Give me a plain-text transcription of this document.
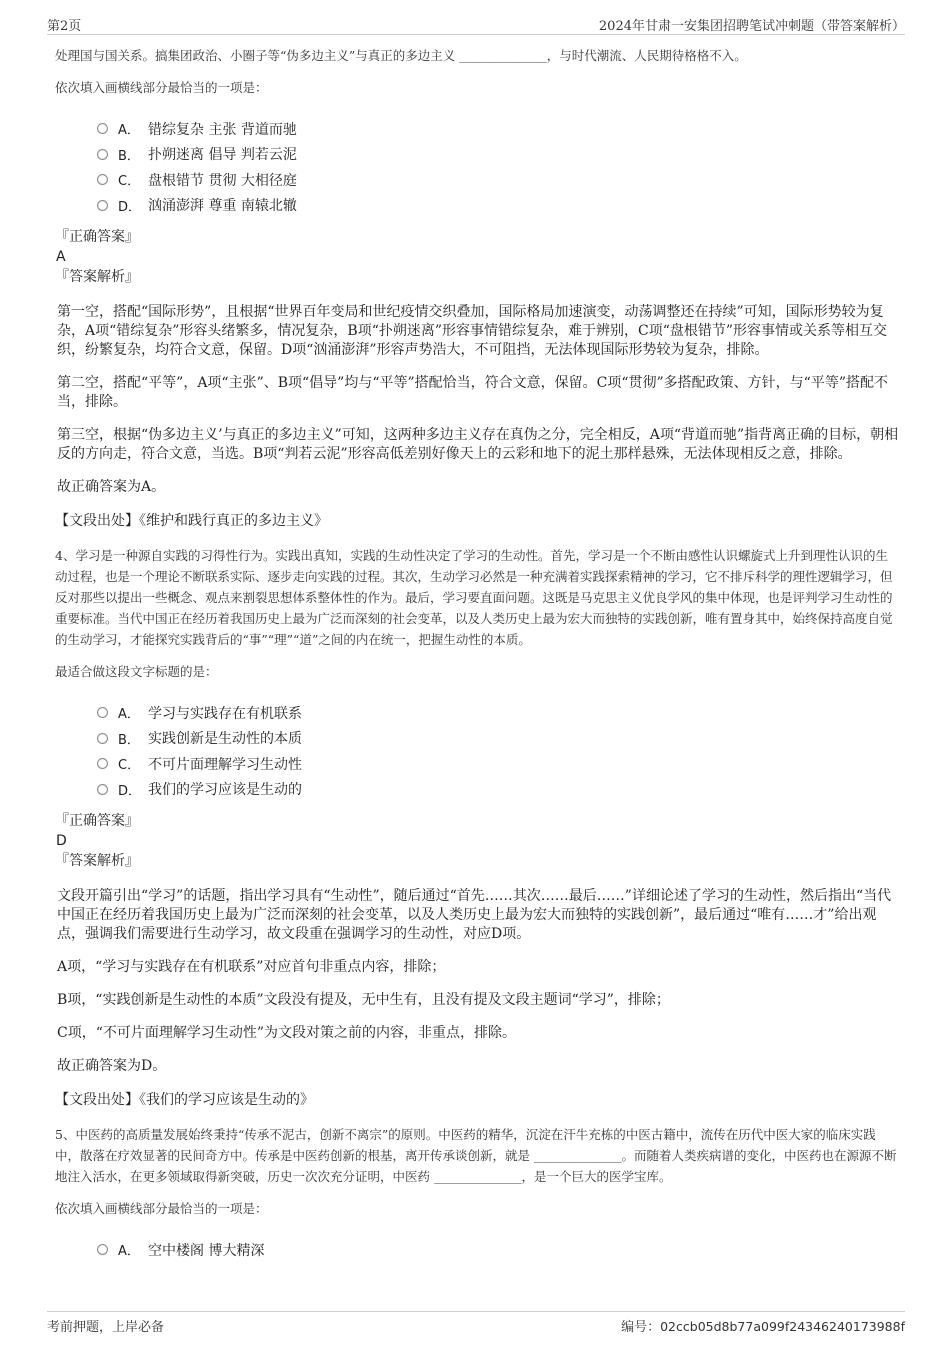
第2页	2024年甘肃一安集团招聘笔试冲刺题（带答案解析）

处理国与国关系。搞集团政治、小圈子等“伪多边主义”与真正的多边主义 ______________，与时代潮流、人民期待格格不入。

依次填入画横线部分最恰当的一项是：

A． 错综复杂 主张 背道而驰
B． 扑朔迷离 倡导 判若云泥
C． 盘根错节 贯彻 大相径庭
D． 汹涌澎湃 尊重 南辕北辙
『正确答案』
A
『答案解析』

第一空，搭配“国际形势”，且根据“世界百年变局和世纪疫情交织叠加，国际格局加速演变，动荡调整还在持续”可知，国际形势较为复杂，A项“错综复杂”形容头绪繁多，情况复杂，B项“扑朔迷离”形容事情错综复杂，难于辨别，C项“盘根错节”形容事情或关系等相互交织，纷繁复杂，均符合文意，保留。D项“汹涌澎湃”形容声势浩大，不可阻挡，无法体现国际形势较为复杂，排除。

第二空，搭配“平等”，A项“主张”、B项“倡导”均与“平等”搭配恰当，符合文意，保留。C项“贯彻”多搭配政策、方针，与“平等”搭配不当，排除。

第三空，根据“伪多边主义’与真正的多边主义”可知，这两种多边主义存在真伪之分，完全相反，A项“背道而驰”指背离正确的目标，朝相反的方向走，符合文意，当选。B项“判若云泥”形容高低差别好像天上的云彩和地下的泥土那样悬殊，无法体现相反之意，排除。

故正确答案为A。

【文段出处】《维护和践行真正的多边主义》

4、学习是一种源自实践的习得性行为。实践出真知，实践的生动性决定了学习的生动性。首先，学习是一个不断由感性认识螺旋式上升到理性认识的生动过程，也是一个理论不断联系实际、逐步走向实践的过程。其次，生动学习必然是一种充满着实践探索精神的学习，它不排斥科学的理性逻辑学习，但反对那些以提出一些概念、观点来割裂思想体系整体性的作为。最后，学习要直面问题。这既是马克思主义优良学风的集中体现，也是评判学习生动性的重要标准。当代中国正在经历着我国历史上最为广泛而深刻的社会变革，以及人类历史上最为宏大而独特的实践创新，唯有置身其中，始终保持高度自觉的生动学习，才能探究实践背后的“事”“理”“道”之间的内在统一，把握生动性的本质。

最适合做这段文字标题的是：

A． 学习与实践存在有机联系
B． 实践创新是生动性的本质
C． 不可片面理解学习生动性
D． 我们的学习应该是生动的
『正确答案』
D
『答案解析』

文段开篇引出“学习”的话题，指出学习具有“生动性”，随后通过“首先……其次……最后……”详细论述了学习的生动性，然后指出“当代中国正在经历着我国历史上最为广泛而深刻的社会变革，以及人类历史上最为宏大而独特的实践创新”，最后通过“唯有……才”给出观点，强调我们需要进行生动学习，故文段重在强调学习的生动性，对应D项。

A项，“学习与实践存在有机联系”对应首句非重点内容，排除；

B项，“实践创新是生动性的本质”文段没有提及，无中生有，且没有提及文段主题词“学习”，排除；

C项，“不可片面理解学习生动性”为文段对策之前的内容，非重点，排除。

故正确答案为D。

【文段出处】《我们的学习应该是生动的》

5、中医药的高质量发展始终秉持“传承不泥古，创新不离宗”的原则。中医药的精华，沉淀在汗牛充栋的中医古籍中，流传在历代中医大家的临床实践中，散落在疗效显著的民间奇方中。传承是中医药创新的根基，离开传承谈创新，就是 ______________。而随着人类疾病谱的变化，中医药也在源源不断地注入活水，在更多领域取得新突破，历史一次次充分证明，中医药 ______________，是一个巨大的医学宝库。

依次填入画横线部分最恰当的一项是：

A． 空中楼阁 博大精深
考前押题，上岸必备	编号：02ccb05d8b77a099f24346240173988f
